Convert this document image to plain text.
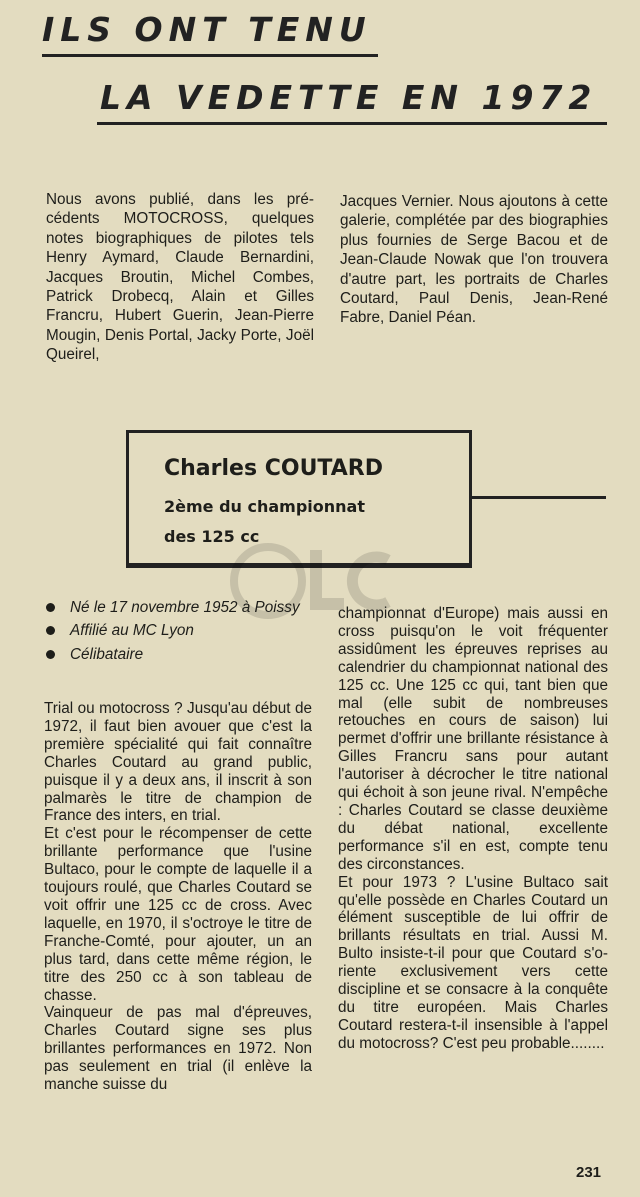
ILS ONT TENU
LA VEDETTE EN 1972

Nous avons publié, dans les précédents MOTOCROSS, quelques notes biographiques de pilotes tels Henry Aymard, Claude Bernardini, Jacques Broutin, Michel Combes, Patrick Drobecq, Alain et Gilles Francru, Hubert Guerin, Jean-Pierre Mougin, Denis Portal, Jacky Porte, Joël Queirel,

Jacques Vernier. Nous ajoutons à cette galerie, complétée par des biographies plus fournies de Serge Bacou et de Jean-Claude Nowak que l'on trouvera d'autre part, les portraits de Charles Coutard, Paul Denis, Jean-René Fabre, Daniel Péan.

Charles COUTARD
2ème du championnat
des 125 cc
Né le 17 novembre 1952 à Poissy
Affilié au MC Lyon
Célibataire

Trial ou motocross ? Jusqu'au début de 1972, il faut bien avouer que c'est la première spécialité qui fait connaître Charles Coutard au grand public, puisque il y a deux ans, il inscrit à son palmarès le titre de champion de France des inters, en trial.

Et c'est pour le récompenser de cette brillante performance que l'usine Bultaco, pour le compte de laquelle il a toujours roulé, que Charles Coutard se voit offrir une 125 cc de cross. Avec laquelle, en 1970, il s'octroye le titre de Franche-Comté, pour ajouter, un an plus tard, dans cette même région, le titre des 250 cc à son tableau de chasse.

Vainqueur de pas mal d'épreuves, Charles Coutard signe ses plus brillantes performances en 1972. Non pas seulement en trial (il enlève la manche suisse du

championnat d'Europe) mais aussi en cross puisqu'on le voit fréquenter assidûment les épreuves reprises au calendrier du championnat national des 125 cc. Une 125 cc qui, tant bien que mal (elle subit de nombreuses retouches en cours de saison) lui permet d'offrir une brillante résistance à Gilles Francru sans pour autant l'autoriser à décrocher le titre national qui échoit à son jeune rival. N'empêche : Charles Coutard se classe deuxième du débat national, excellente performance s'il en est, compte tenu des circonstances.

Et pour 1973 ? L'usine Bultaco sait qu'elle possède en Charles Coutard un élément susceptible de lui offrir de brillants résultats en trial. Aussi M. Bulto insiste-t-il pour que Coutard s'oriente exclusivement vers cette discipline et se consacre à la conquête du titre européen. Mais Charles Coutard restera-t-il insensible à l'appel du motocross? C'est peu probable........

231
